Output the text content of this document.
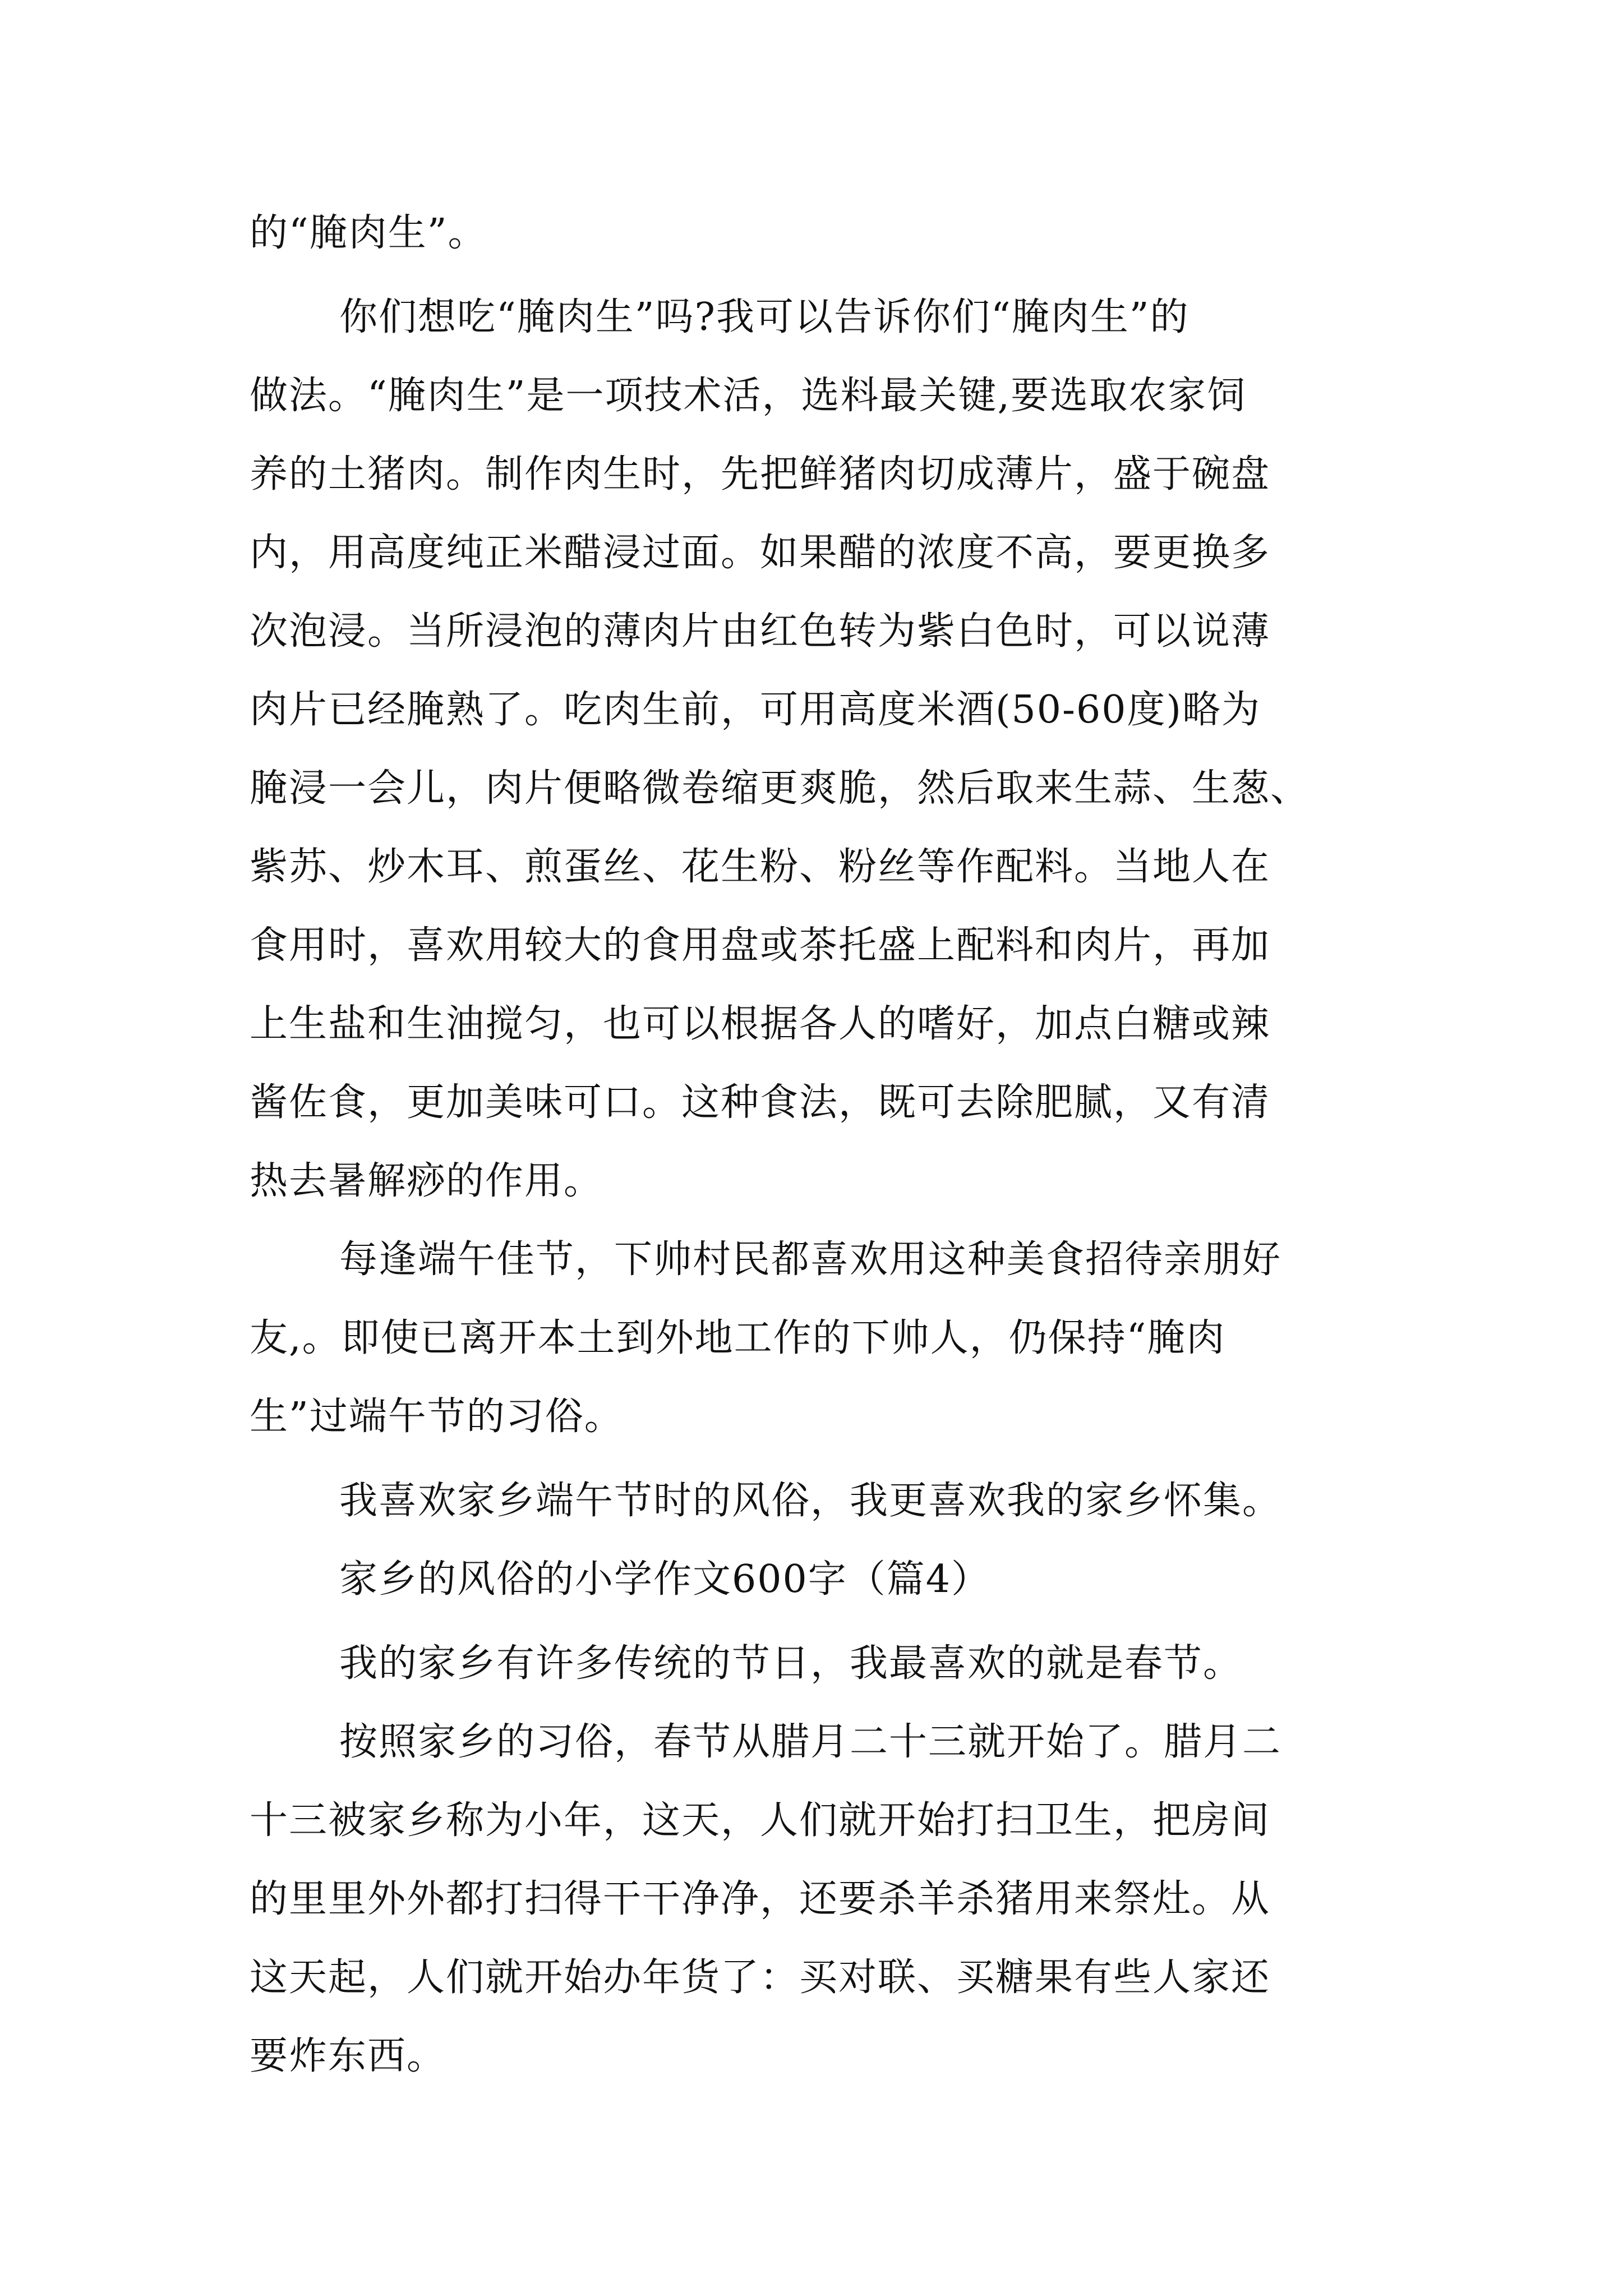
的“腌肉生”。

你们想吃“腌肉生”吗?我可以告诉你们“腌肉生”的

做法。“腌肉生”是一项技术活，选料最关键,要选取农家饲

养的土猪肉。制作肉生时，先把鲜猪肉切成薄片，盛于碗盘

内，用高度纯正米醋浸过面。如果醋的浓度不高，要更换多

次泡浸。当所浸泡的薄肉片由红色转为紫白色时，可以说薄

肉片已经腌熟了。吃肉生前，可用高度米酒(50-60度)略为

腌浸一会儿，肉片便略微卷缩更爽脆，然后取来生蒜、生葱、

紫苏、炒木耳、煎蛋丝、花生粉、粉丝等作配料。当地人在

食用时，喜欢用较大的食用盘或茶托盛上配料和肉片，再加

上生盐和生油搅匀，也可以根据各人的嗜好，加点白糖或辣

酱佐食，更加美味可口。这种食法，既可去除肥腻，又有清

热去暑解痧的作用。

每逢端午佳节，下帅村民都喜欢用这种美食招待亲朋好

友,。即使已离开本土到外地工作的下帅人，仍保持“腌肉

生”过端午节的习俗。

我喜欢家乡端午节时的风俗，我更喜欢我的家乡怀集。

家乡的风俗的小学作文600字（篇4）

我的家乡有许多传统的节日，我最喜欢的就是春节。

按照家乡的习俗，春节从腊月二十三就开始了。腊月二

十三被家乡称为小年，这天，人们就开始打扫卫生，把房间

的里里外外都打扫得干干净净，还要杀羊杀猪用来祭灶。从

这天起，人们就开始办年货了：买对联、买糖果有些人家还

要炸东西。
